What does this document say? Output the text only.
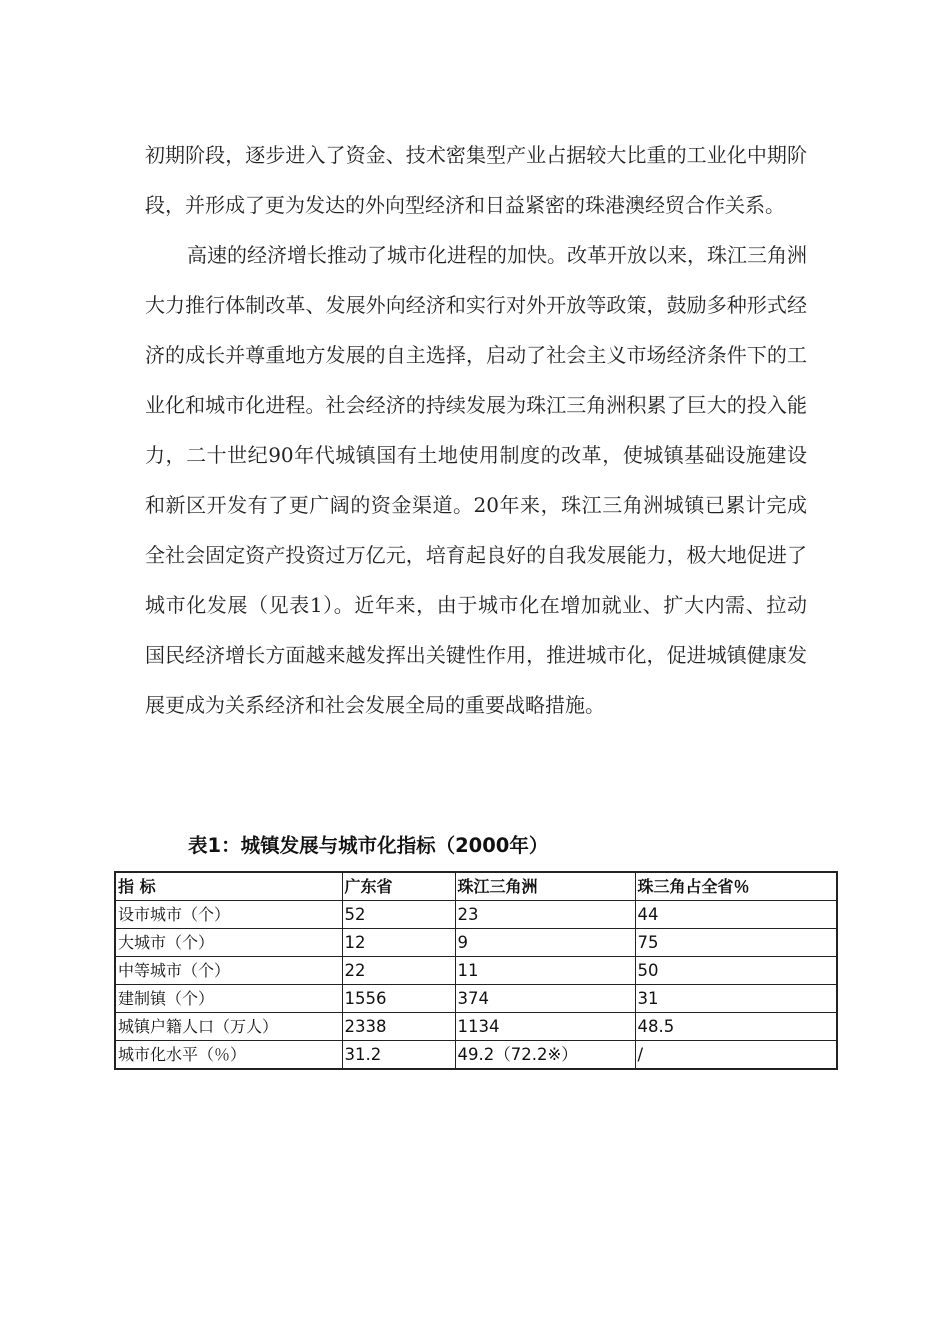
初期阶段，逐步进入了资金、技术密集型产业占据较大比重的工业化中期阶段，并形成了更为发达的外向型经济和日益紧密的珠港澳经贸合作关系。

高速的经济增长推动了城市化进程的加快。改革开放以来，珠江三角洲大力推行体制改革、发展外向经济和实行对外开放等政策，鼓励多种形式经济的成长并尊重地方发展的自主选择，启动了社会主义市场经济条件下的工业化和城市化进程。社会经济的持续发展为珠江三角洲积累了巨大的投入能力，二十世纪90年代城镇国有土地使用制度的改革，使城镇基础设施建设和新区开发有了更广阔的资金渠道。20年来，珠江三角洲城镇已累计完成全社会固定资产投资过万亿元，培育起良好的自我发展能力，极大地促进了城市化发展（见表1）。近年来，由于城市化在增加就业、扩大内需、拉动国民经济增长方面越来越发挥出关键性作用，推进城市化，促进城镇健康发展更成为关系经济和社会发展全局的重要战略措施。

表1：城镇发展与城市化指标（2000年）
指 标	广东省	珠江三角洲	珠三角占全省％
设市城市（个）	52	23	44
大城市（个）	12	9	75
中等城市（个）	22	11	50
建制镇（个）	1556	374	31
城镇户籍人口（万人）	2338	1134	48.5
城市化水平（％）	31.2	49.2（72.2※）	/
